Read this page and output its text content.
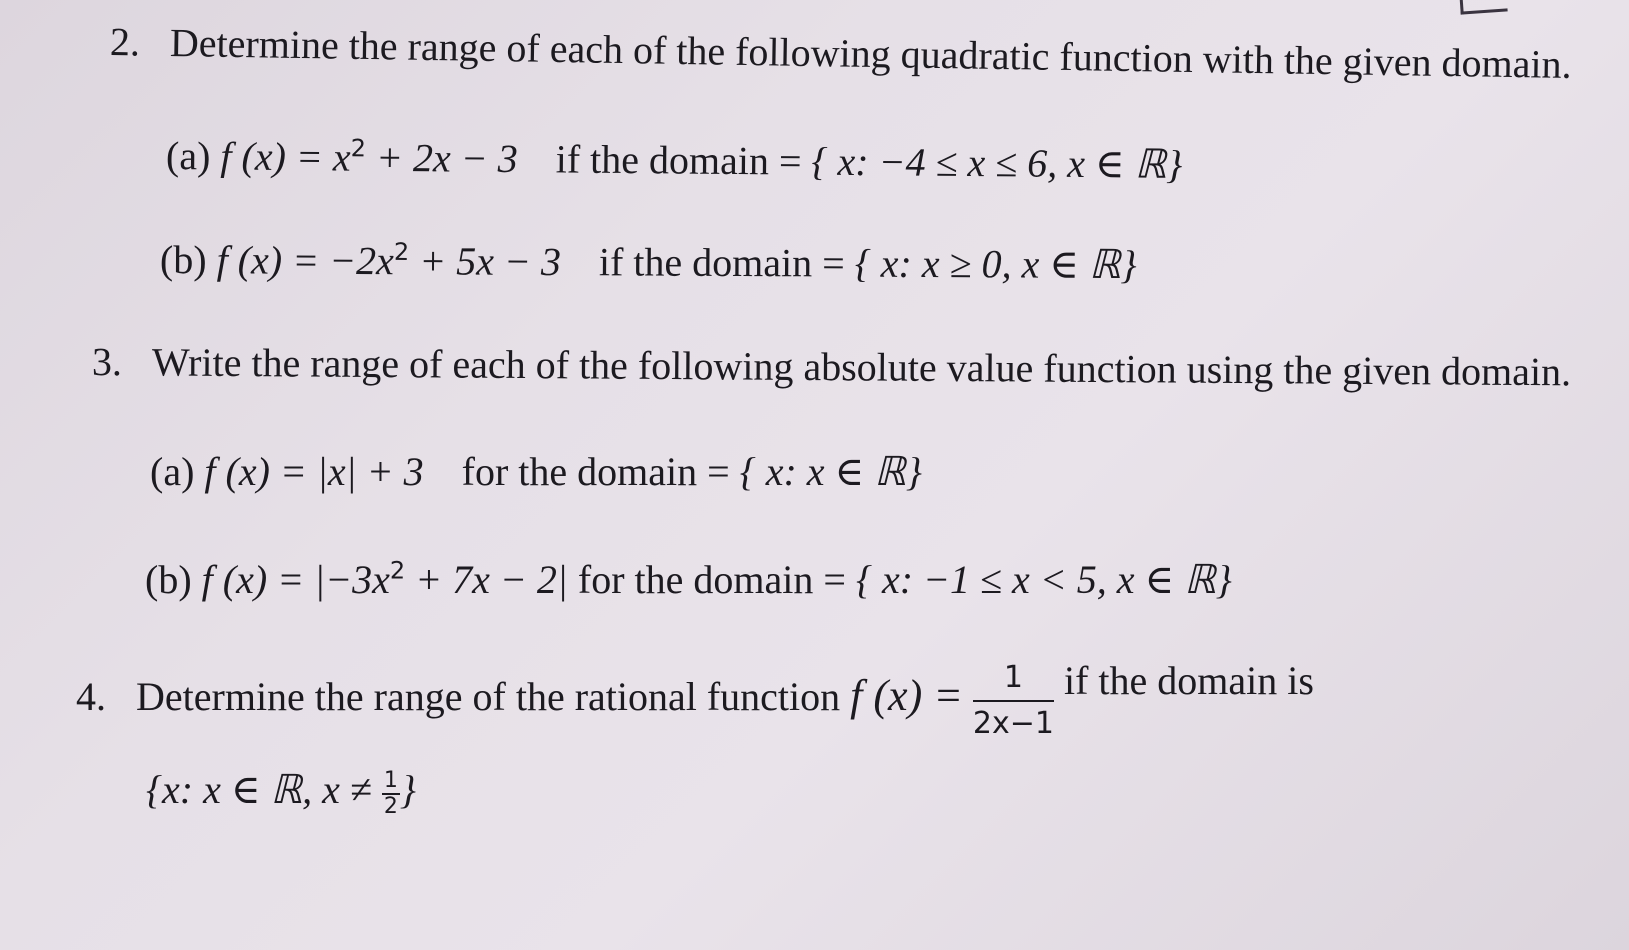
2. Determine the range of each of the following quadratic function with the given domain.
(a) f $(x) = x^2 + 2x - 3$ if the domain = { x: −4 ≤ x ≤ 6, x ∈ ℝ}
(b) f $(x) = -2x^2 + 5x - 3$ if the domain = { x: x ≥ 0, x ∈ ℝ}
3. Write the range of each of the following absolute value function using the given domain.
(a) f (x) = |x| + 3 for the domain = { x: x ∈ ℝ}
(b) f $(x) = |-3x^2 + 7x - 2|$ for the domain = { x: −1 ≤ x < 5, x ∈ ℝ}
4. Determine the range of the rational function f $(x) = \frac{1}{2x-1}$ if the domain is
{x: x ∈ ℝ, $x \ne \frac{1}{2}$ }
